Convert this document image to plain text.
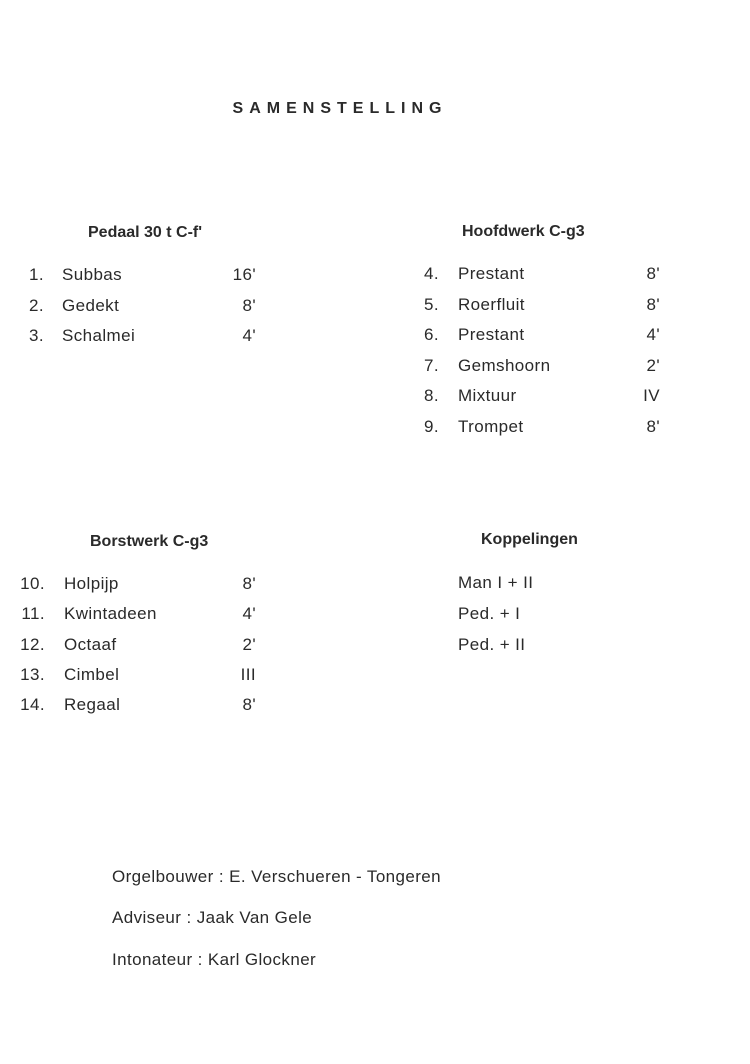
SAMENSTELLING
Pedaal 30 t C-f'
1. Subbas	16'
2. Gedekt	8'
3. Schalmei	4'
Hoofdwerk C-g3
4. Prestant	8'
5. Roerfluit	8'
6. Prestant	4'
7. Gemshoorn	2'
8. Mixtuur	IV
9. Trompet	8'
Borstwerk C-g3
10. Holpijp	8'
11. Kwintadeen	4'
12. Octaaf	2'
13. Cimbel	III
14. Regaal	8'
Koppelingen
Man I + II
Ped. + I
Ped. + II
Orgelbouwer : E. Verschueren - Tongeren
Adviseur : Jaak Van Gele
Intonateur : Karl Glockner
